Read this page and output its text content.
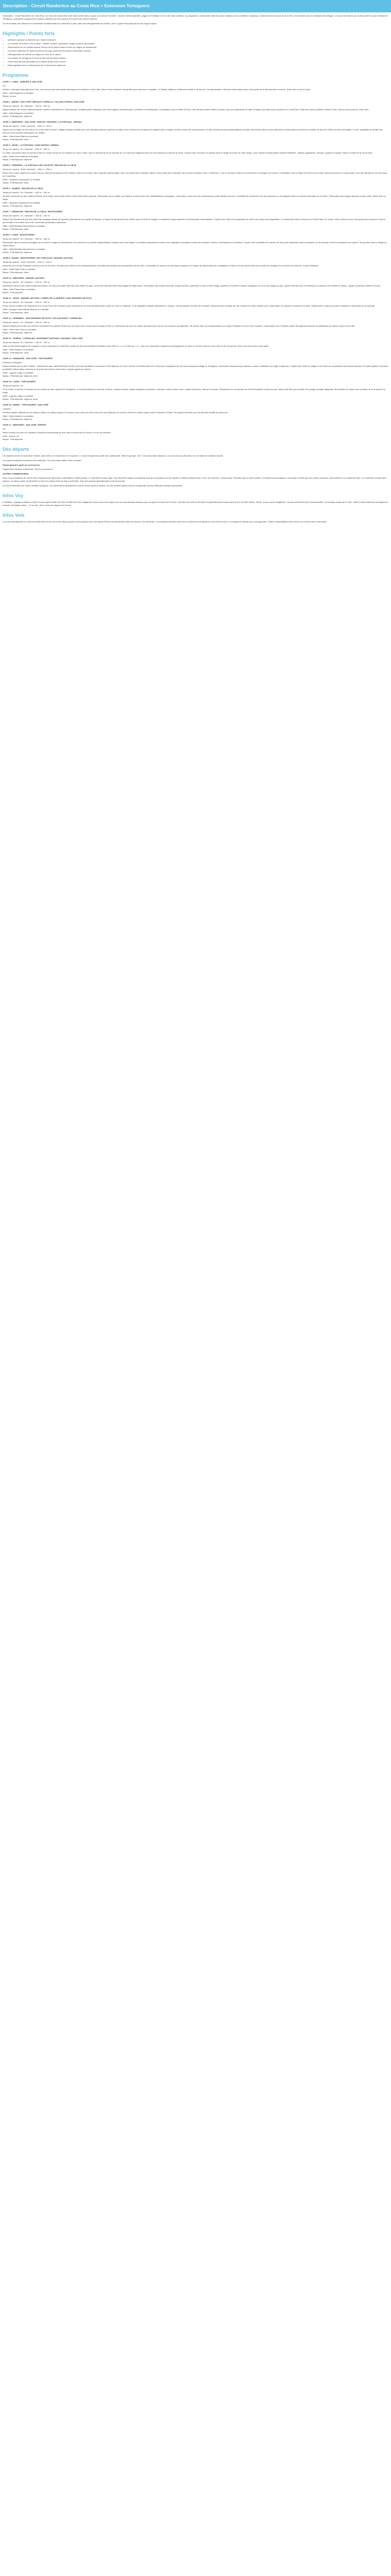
Description - Circuit Randoréco au Costa Rica + Extension Tortuguero

Description - Circuit Randonée au Costa Rica. Un circuit de randonnée et de découverte dans un pays où la nature est reine : volcans, forêts tropicales, plages du Pacifique et de la mer des Caraïbes. Au programme, randonnées dans les parcs nationaux de la cordillère volcanique, observation de la faune et de la flore, et rencontre avec les habitants des villages. Le circuit se termine par la découverte du parc national de Tortuguero, accessible uniquement en bateau, célèbre pour ses canaux et la ponte des tortues marines.

Un circuit idéal pour découvrir la biodiversité exceptionnelle du Costa Rica à pied, dans des hébergements de charme, avec un guide francophone tout au long du séjour.

Highlights / Points forts
• DEPART GARANTI A PARTIR DE 2 PARTICIPANTS
• La richesse de la flore et de la faune : colibris, toucans, paresseux, singes hurleurs, grenouilles
• Randonnées sur les volcans Arenal, Rincón de la Vieja et dans la forêt de nuages de Monteverde
• Les parcs nationaux et réserves privées du pays, parmi les plus belles d'Amérique centrale
• Hébergements de charme en lodges au cœur de la nature
• Les canaux de Tortuguero et la ponte des tortues (selon saison)
• Guide francophone spécialiste de la nature durant tout le circuit
• Départ garanti avec un petit groupe de 12 personnes maximum
Programme
JOUR 1 : LUNDI - ARRIVÉE À SAN JOSÉ
Vol.
Arrivée à l'aéroport international de San José, accueil par votre guide francophone et transfert à votre hôtel. Selon l'heure d'arrivée, temps libre pour découvrir la capitale : le Théâtre National, le Marché Central, le Musée de l'Or précolombien. Réunion d'information avec votre guide sur le déroulement du circuit. Dîner libre et nuit à l'hôtel.
Hôtel : Hôtel Aranjuez ou similaire
Repas : Aucun
JOUR 2 : MARDI - SAN JOSÉ / BRAULIO CARRILLO / VALLÉE D'OROSI / SAN JOSÉ
Temps de marche : 3h / Dénivelé : +300 m / -300 m
Départ matinal vers le parc national Braulio Carrillo et randonnée en forêt primaire, véritable jardin botanique avec ses fougères arborescentes, orchidées et broméliacées. Continuation vers la vallée d'Orosi, l'une des plus belles vallées du pays, avec ses plantations de café et l'église coloniale la plus ancienne du Costa Rica. Visite des ruines d'Ujarrás. Retour à San José en fin de journée. Dîner libre.
Hôtel : Hôtel Aranjuez ou similaire
Repas : Petit déjeuner, déjeuner
JOUR 3 : MERCREDI - SAN JOSÉ / SARCHÍ / ZARCERO / LA FORTUNA - ARENAL
Temps de marche : 2h30 / Dénivelé : +200 m / -200 m
Départ vers la région de la Fortuna. En route, arrêt à Sarchí, village d'artisans célèbre pour ses charrettes peintes, symbole du pays, puis à Zarcero et son jardin de topiaires face à l'église. Arrivée au pied du volcan Arenal, l'un des volcans les plus emblématiques du pays. Randonnée dans le parc national du volcan Arenal à travers les coulées de lave de 1968 et la forêt secondaire. Le soir, possibilité de profiter des sources d'eau chaude volcaniques (en option).
Hôtel : Hôtel Arenal Manoa ou similaire
Repas : Petit déjeuner, dîner
JOUR 4 : JEUDI - LA FORTUNA / CANO NEGRO / ARENAL
Temps de marche : 3h / Dénivelé : +350 m / -350 m
Le matin, randonnée dans la réserve privée du volcan Arenal sur les sentiers du Cerro Chato, avec la découverte de la cascade de La Fortuna et baignade dans les eaux fraîches au pied de la chute. L'après-midi, excursion en bateau dans le refuge de faune de Caño Negro, zone humide exceptionnelle classée RAMSAR : oiseaux aquatiques, caïmans, iguanes et singes. Retour à l'hôtel en fin de journée.
Hôtel : Hôtel Arenal Manoa ou similaire
Repas : Petit déjeuner, déjeuner
JOUR 5 : VENDREDI - LA FORTUNA / RIO CELESTE / RINCÓN DE LA VIEJA
Temps de marche : 3h30 / Dénivelé : +300 m / -300 m
Route vers le parc national du volcan Tenorio. Randonnée jusqu'au Rio Celeste, rivière à la couleur bleu turquoise spectaculaire, due à un phénomène chimique naturel. Découverte de la cascade, des sources chaudes et des « teñideros », lieu où les deux rivières se rencontrent et changent de couleur. Continuation vers la région de Rincón de la Vieja, dans la province du Guanacaste, terre des sabaneros, les cow-boys du Costa Rica.
Hôtel : Hacienda Guachipelin ou similaire
Repas : Petit déjeuner, dîner
JOUR 6 : SAMEDI - RINCÓN DE LA VIEJA
Temps de marche : 4h / Dénivelé : +400 m / -400 m
Journée consacrée au parc national Rincón de la Vieja, volcan actif entouré d'une forêt sèche tropicale. Randonnée sur le sentier Las Pailas à la découverte des manifestations volcaniques : fumerolles, mares de boue bouillonnante, petits volcans de boue. Possibilité de randonnée vers les cascades ou de baignade dans les sources thermales de la rivière. Observation des singes capucins et des coatis. Soirée libre au lodge.
Hôtel : Hacienda Guachipelin ou similaire
Repas : Petit déjeuner, déjeuner
JOUR 7 : DIMANCHE - RINCÓN DE LA VIEJA / MONTEVERDE
Temps de marche : 2h / Dénivelé : +150 m / -150 m
Départ vers Monteverde par des routes de montagne offrant de superbes panoramas sur le golfe de Nicoya. La région de Monteverde est célèbre pour sa forêt de nuages, écosystème unique abritant une biodiversité extraordinaire. L'après-midi, visite d'une plantation de café et de cacao avec dégustation, ou randonnée dans la réserve de Santa Elena. En soirée, sortie nocturne avec votre guide pour observer la faune qui s'éveille à la tombée de la nuit : tarentules, grenouilles, paresseux.
Hôtel : Hôtel Montaña Monteverde ou similaire
Repas : Petit déjeuner, dîner
JOUR 8 : LUNDI - MONTEVERDE
Temps de marche : 4h / Dénivelé : +350 m / -350 m
Randonnée dans la réserve biologique de la forêt de nuages de Monteverde, à la recherche du quetzal resplendissant, l'oiseau sacré des Mayas. Les sentiers serpentent à travers une végétation luxuriante couverte de mousses, lichens, broméliacées et orchidées. L'après-midi, possibilité de marcher sur les ponts suspendus dans la canopée, ou de survoler la forêt en tyrolienne (en option). Temps libre dans le village de Santa Elena.
Hôtel : Hôtel Montaña Monteverde ou similaire
Repas : Petit déjeuner, déjeuner
JOUR 9 : MARDI - MONTEVERDE / RIO TÁRCOLES / MANUEL ANTONIO
Temps de marche : 1h30 / Dénivelé : +100 m / -100 m
Descente vers la côte Pacifique. Arrêt au pont de la rivière Tárcoles pour observer les impressionnants crocodiles américains qui se prélassent sur les rives. Continuation le long de la côte jusqu'à Quepos et la région de Manuel Antonio. Installation à l'hôtel et fin de journée libre pour profiter de la plage et du coucher de soleil sur l'océan Pacifique.
Hôtel : Hôtel Plaza Yara ou similaire
Repas : Petit déjeuner, dîner
JOUR 10 : MERCREDI - MANUEL ANTONIO
Temps de marche : 3h / Dénivelé : +200 m / -200 m
Randonnée dans le parc national Manuel Antonio, l'un des plus petits mais des plus visités du pays, où la forêt tropicale rejoint des plages de sable blanc. Observation des singes écureuils, singes hurleurs, paresseux à deux et trois doigts, iguanes et nombreux oiseaux. Baignade sur l'une des plages du parc. Après-midi libre pour se détendre ou pratiquer une activité en option : kayak, snorkeling, balade à cheval.
Hôtel : Hôtel Plaza Yara ou similaire
Repas : Petit déjeuner
JOUR 11 : JEUDI - MANUEL ANTONIO / CERRO DE LA MUERTE / SAN GERARDO DE DOTA
Temps de marche : 3h / Dénivelé : +250 m / -250 m
Route vers la cordillère de Talamanca et le col du Cerro de la Muerte, point culminant de la route panaméricaine à plus de 3 400 m d'altitude, où la végétation change radicalement : páramo, chênes géants couverts de mousses. Descente dans la vallée de San Gerardo de Dota, réputée pour l'observation du quetzal et la pêche à la truite. Randonnée le long de la rivière Savegre et découverte de la cascade.
Hôtel : Savegre Hotel Natural Reserve ou similaire
Repas : Petit déjeuner, dîner
JOUR 12 : VENDREDI - SAN GERARDO DE DOTA / VOLCAN IRAZÚ / TURRIALBA
Temps de marche : 2h / Dénivelé : +150 m / -150 m
Départ matinal pour tenter une dernière observation du quetzal. Route vers le volcan Irazú, le plus haut du pays (3 432 m). Randonnée au bord du cratère principal et de son lac aux couleurs changeantes. Par temps clair, vue exceptionnelle sur l'océan Pacifique et la mer des Caraïbes. Continuation vers Turrialba, petite ville agricole entourée de plantations de canne à sucre et de café.
Hôtel : Hôtel Casa Turire ou similaire
Repas : Petit déjeuner, déjeuner
JOUR 13 : SAMEDI - TURRIALBA / MONUMENT NATIONAL GUAYABO / SAN JOSÉ
Temps de marche : 2h / Dénivelé : +150 m / -150 m
Visite du site archéologique de Guayabo, le plus important du Costa Rica, ancienne cité précolombienne habitée entre 1000 av. J.-C. et 1400 ap. J.-C., avec ses chaussées, aqueducs et pétroglyphes au cœur de la forêt. Retour à San José en fin de journée. Dîner d'au revoir avec votre guide.
Hôtel : Hôtel Aranjuez ou similaire
Repas : Petit déjeuner, dîner
JOUR 14 : DIMANCHE - SAN JOSÉ / TORTUGUERO
Extension Tortuguero
Départ matinal vers la côte Caraïbe. Traversée du parc national Braulio Carrillo, puis des plantations de bananes. Petit déjeuner en route. Arrivée à l'embarcadère de La Pavona et navigation sur les canaux jusqu'au village de Tortuguero, accessible uniquement par bateau ou avion. Installation au lodge et déjeuner. L'après-midi, visite du village et du centre de conservation des tortues marines. En saison (juillet à octobre), possibilité d'observation nocturne de la ponte des tortues vertes avec un guide agréé (en option).
Hôtel : Laguna Lodge ou similaire
Repas : Petit déjeuner, déjeuner, dîner
JOUR 15 : LUNDI - TORTUGUERO
Temps de marche : 2h
Tôt le matin, excursion en bateau sur les canaux du parc national de Tortuguero, le moment idéal pour observer la faune : singes hurleurs, singes araignées, paresseux, caïmans, tortues d'eau douce, martins-pêcheurs, hérons et toucans. Randonnée sur les sentiers de la forêt tropicale humide du parc. Après-midi libre pour profiter de la plage sauvage (baignade déconseillée en raison des courants) ou de la piscine du lodge.
Hôtel : Laguna Lodge ou similaire
Repas : Petit déjeuner, déjeuner, dîner
JOUR 16 : MARDI - TORTUGUERO / SAN JOSÉ
Transfert
Dernière balade matinale sur les canaux. Retour en bateau jusqu'à La Pavona, puis route vers San José avec arrêt déjeuner en chemin. Arrivée en début d'après-midi et transfert à l'hôtel. Fin d'après-midi libre pour les derniers achats de souvenirs.
Hôtel : Hôtel Aranjuez ou similaire
Repas : Petit déjeuner, déjeuner
JOUR 17 : MERCREDI - SAN JOSÉ / DÉPART
Vol.
Selon l'horaire de votre vol, transfert à l'aéroport international de San José et envol vers la France. Fin de nos services.
Hôtel : Nuit en vol
Repas : Petit déjeuner
Dés départs

Les départs ont lieu le lundi toute l'année, sauf entre le 15 décembre et le 5 janvier. Le circuit est garanti à partir de 2 participants. Taille du groupe : de 2 à 12 personnes maximum. Les prix sont par personne, sur une base de chambre double.

Les départs indiqués ci-dessous sont confirmés. Pour les autres dates, nous consulter.

Départ garanti à partir de 2 personnes

Supplément chambre individuelle : 590 € par personne.

AUTRES COMMENTAIRES

Nous vous conseillons de prévoir des chaussures de randonnée confortables et déjà portées, un vêtement de pluie léger, des vêtements légers et respirants ainsi qu'une polaire pour les soirées en altitude (Monteverde, Cerro de la Muerte, volcan Irazú). N'oubliez pas la crème solaire, le répulsif anti-moustiques, une lampe frontale pour les sorties nocturnes, des jumelles et un maillot de bain. Le Costa Rica connaît deux saisons : la saison sèche de décembre à avril et la saison verte de mai à novembre, avec des averses généralement en fin de journée.

Ce circuit nécessite une bonne condition physique : les randonnées quotidiennes sont de niveau facile à modéré, sur des sentiers parfois boueux et glissants. Aucune difficulté technique particulière.

Infos Voy

Formalités : passeport valide au moins 6 mois après la date de retour et billet de retour obligatoire. Aucun visa n'est requis pour les ressortissants français pour un séjour de moins de 90 jours. Une taxe de sortie du territoire est généralement incluse dans le prix du billet d'avion. Santé : aucun vaccin obligatoire ; vaccins universels à jour recommandés. La monnaie locale est le colón, mais le dollar américain est largement accepté. Décalage horaire : -7h en été, -8h en hiver par rapport à la France.

Infos Vols

Les vols internationaux ne sont pas inclus dans le prix du circuit. Nous pouvons vous proposer des vols depuis Paris et les principales villes de province, sur demande. Les transferts aéroport sont inclus à l'arrivée et au départ si vous arrivez le jour 1 et repartez le dernier jour du programme. Tarifs et disponibilités sous réserve au moment de la réservation.
